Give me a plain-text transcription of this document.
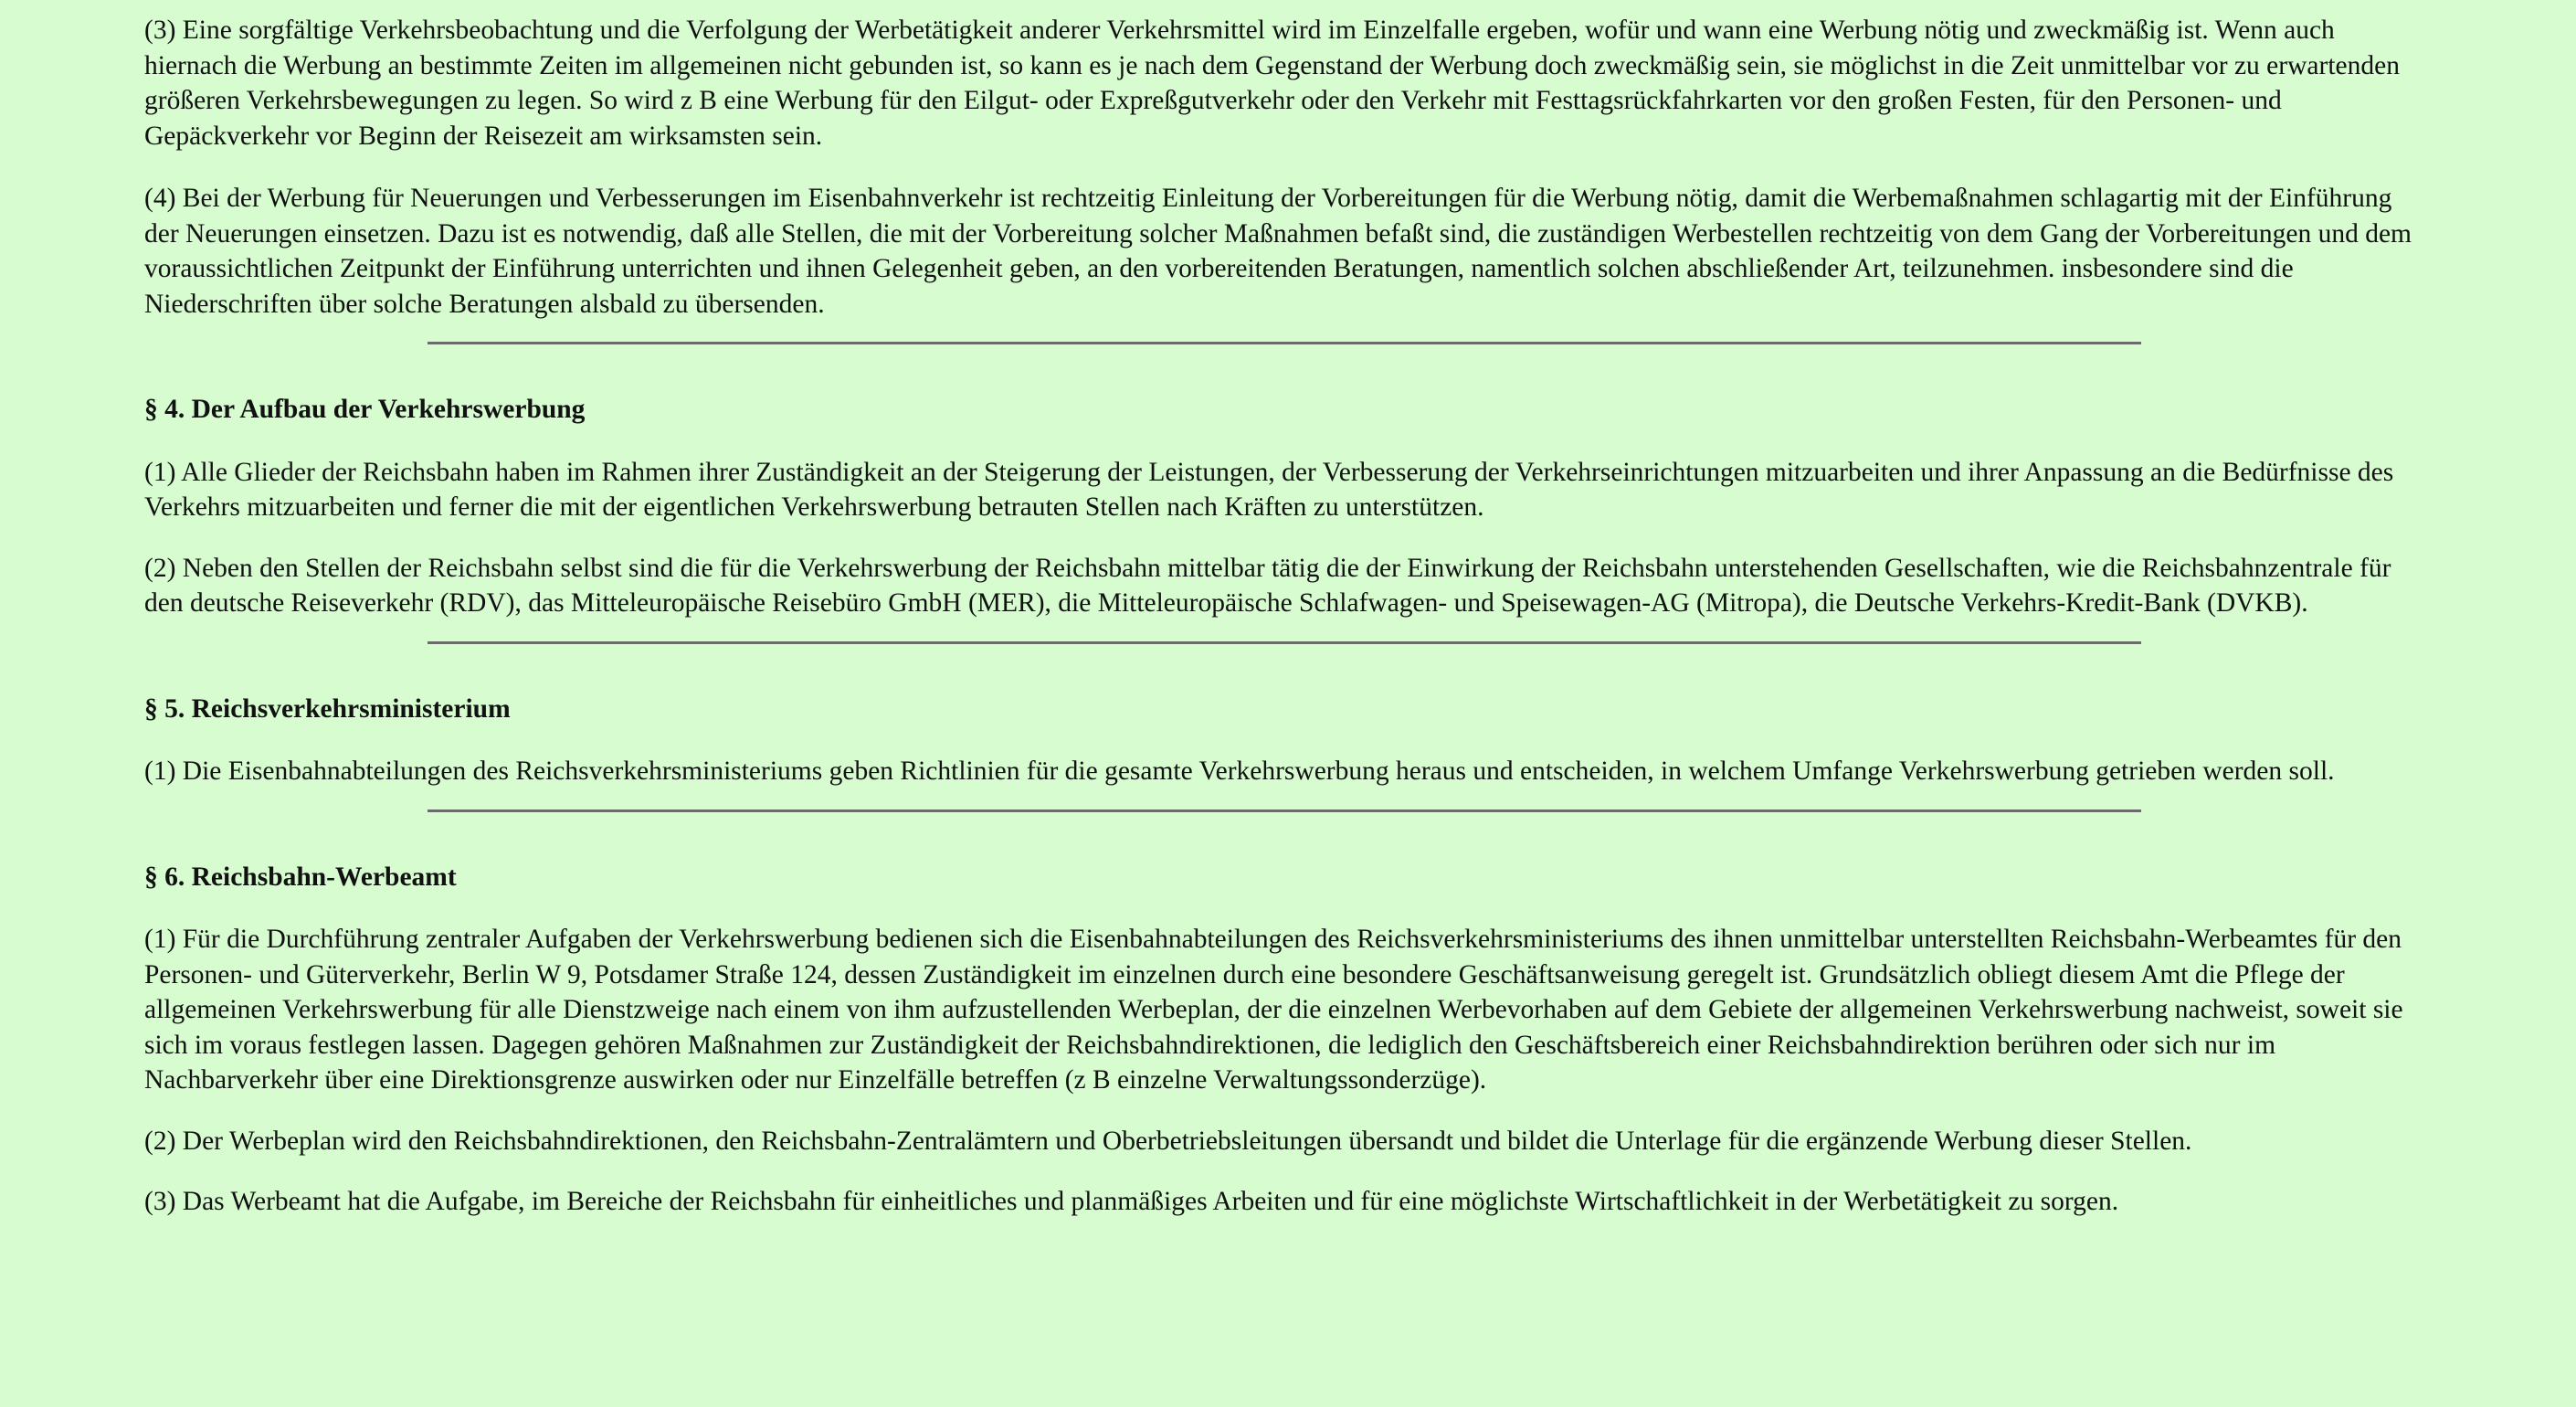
(3) Eine sorgfältige Verkehrsbeobachtung und die Verfolgung der Werbetätigkeit anderer Verkehrsmittel wird im Einzelfalle ergeben, wofür und wann eine Werbung nötig und zweckmäßig ist. Wenn auch hiernach die Werbung an bestimmte Zeiten im allgemeinen nicht gebunden ist, so kann es je nach dem Gegenstand der Werbung doch zweckmäßig sein, sie möglichst in die Zeit unmittelbar vor zu erwartenden größeren Verkehrsbewegungen zu legen. So wird z B eine Werbung für den Eilgut- oder Expreßgutverkehr oder den Verkehr mit Festtagsrückfahrkarten vor den großen Festen, für den Personen- und Gepäckverkehr vor Beginn der Reisezeit am wirksamsten sein.

(4) Bei der Werbung für Neuerungen und Verbesserungen im Eisenbahnverkehr ist rechtzeitig Einleitung der Vorbereitungen für die Werbung nötig, damit die Werbemaßnahmen schlagartig mit der Einführung der Neuerungen einsetzen. Dazu ist es notwendig, daß alle Stellen, die mit der Vorbereitung solcher Maßnahmen befaßt sind, die zuständigen Werbestellen rechtzeitig von dem Gang der Vorbereitungen und dem voraussichtlichen Zeitpunkt der Einführung unterrichten und ihnen Gelegenheit geben, an den vorbereitenden Beratungen, namentlich solchen abschließender Art, teilzunehmen. insbesondere sind die Niederschriften über solche Beratungen alsbald zu übersenden.

§ 4. Der Aufbau der Verkehrswerbung

(1) Alle Glieder der Reichsbahn haben im Rahmen ihrer Zuständigkeit an der Steigerung der Leistungen, der Verbesserung der Verkehrseinrichtungen mitzuarbeiten und ihrer Anpassung an die Bedürfnisse des Verkehrs mitzuarbeiten und ferner die mit der eigentlichen Verkehrswerbung betrauten Stellen nach Kräften zu unterstützen.

(2) Neben den Stellen der Reichsbahn selbst sind die für die Verkehrswerbung der Reichsbahn mittelbar tätig die der Einwirkung der Reichsbahn unterstehenden Gesellschaften, wie die Reichsbahnzentrale für den deutsche Reiseverkehr (RDV), das Mitteleuropäische Reisebüro GmbH (MER), die Mitteleuropäische Schlafwagen- und Speisewagen-AG (Mitropa), die Deutsche Verkehrs-Kredit-Bank (DVKB).

§ 5. Reichsverkehrsministerium

(1) Die Eisenbahnabteilungen des Reichsverkehrsministeriums geben Richtlinien für die gesamte Verkehrswerbung heraus und entscheiden, in welchem Umfange Verkehrswerbung getrieben werden soll.

§ 6. Reichsbahn-Werbeamt

(1) Für die Durchführung zentraler Aufgaben der Verkehrswerbung bedienen sich die Eisenbahnabteilungen des Reichsverkehrsministeriums des ihnen unmittelbar unterstellten Reichsbahn-Werbeamtes für den Personen- und Güterverkehr, Berlin W 9, Potsdamer Straße 124, dessen Zuständigkeit im einzelnen durch eine besondere Geschäftsanweisung geregelt ist. Grundsätzlich obliegt diesem Amt die Pflege der allgemeinen Verkehrswerbung für alle Dienstzweige nach einem von ihm aufzustellenden Werbeplan, der die einzelnen Werbevorhaben auf dem Gebiete der allgemeinen Verkehrswerbung nachweist, soweit sie sich im voraus festlegen lassen. Dagegen gehören Maßnahmen zur Zuständigkeit der Reichsbahndirektionen, die lediglich den Geschäftsbereich einer Reichsbahndirektion berühren oder sich nur im Nachbarverkehr über eine Direktionsgrenze auswirken oder nur Einzelfälle betreffen (z B einzelne Verwaltungssonderzüge).

(2) Der Werbeplan wird den Reichsbahndirektionen, den Reichsbahn-Zentralämtern und Oberbetriebsleitungen übersandt und bildet die Unterlage für die ergänzende Werbung dieser Stellen.

(3) Das Werbeamt hat die Aufgabe, im Bereiche der Reichsbahn für einheitliches und planmäßiges Arbeiten und für eine möglichste Wirtschaftlichkeit in der Werbetätigkeit zu sorgen.
